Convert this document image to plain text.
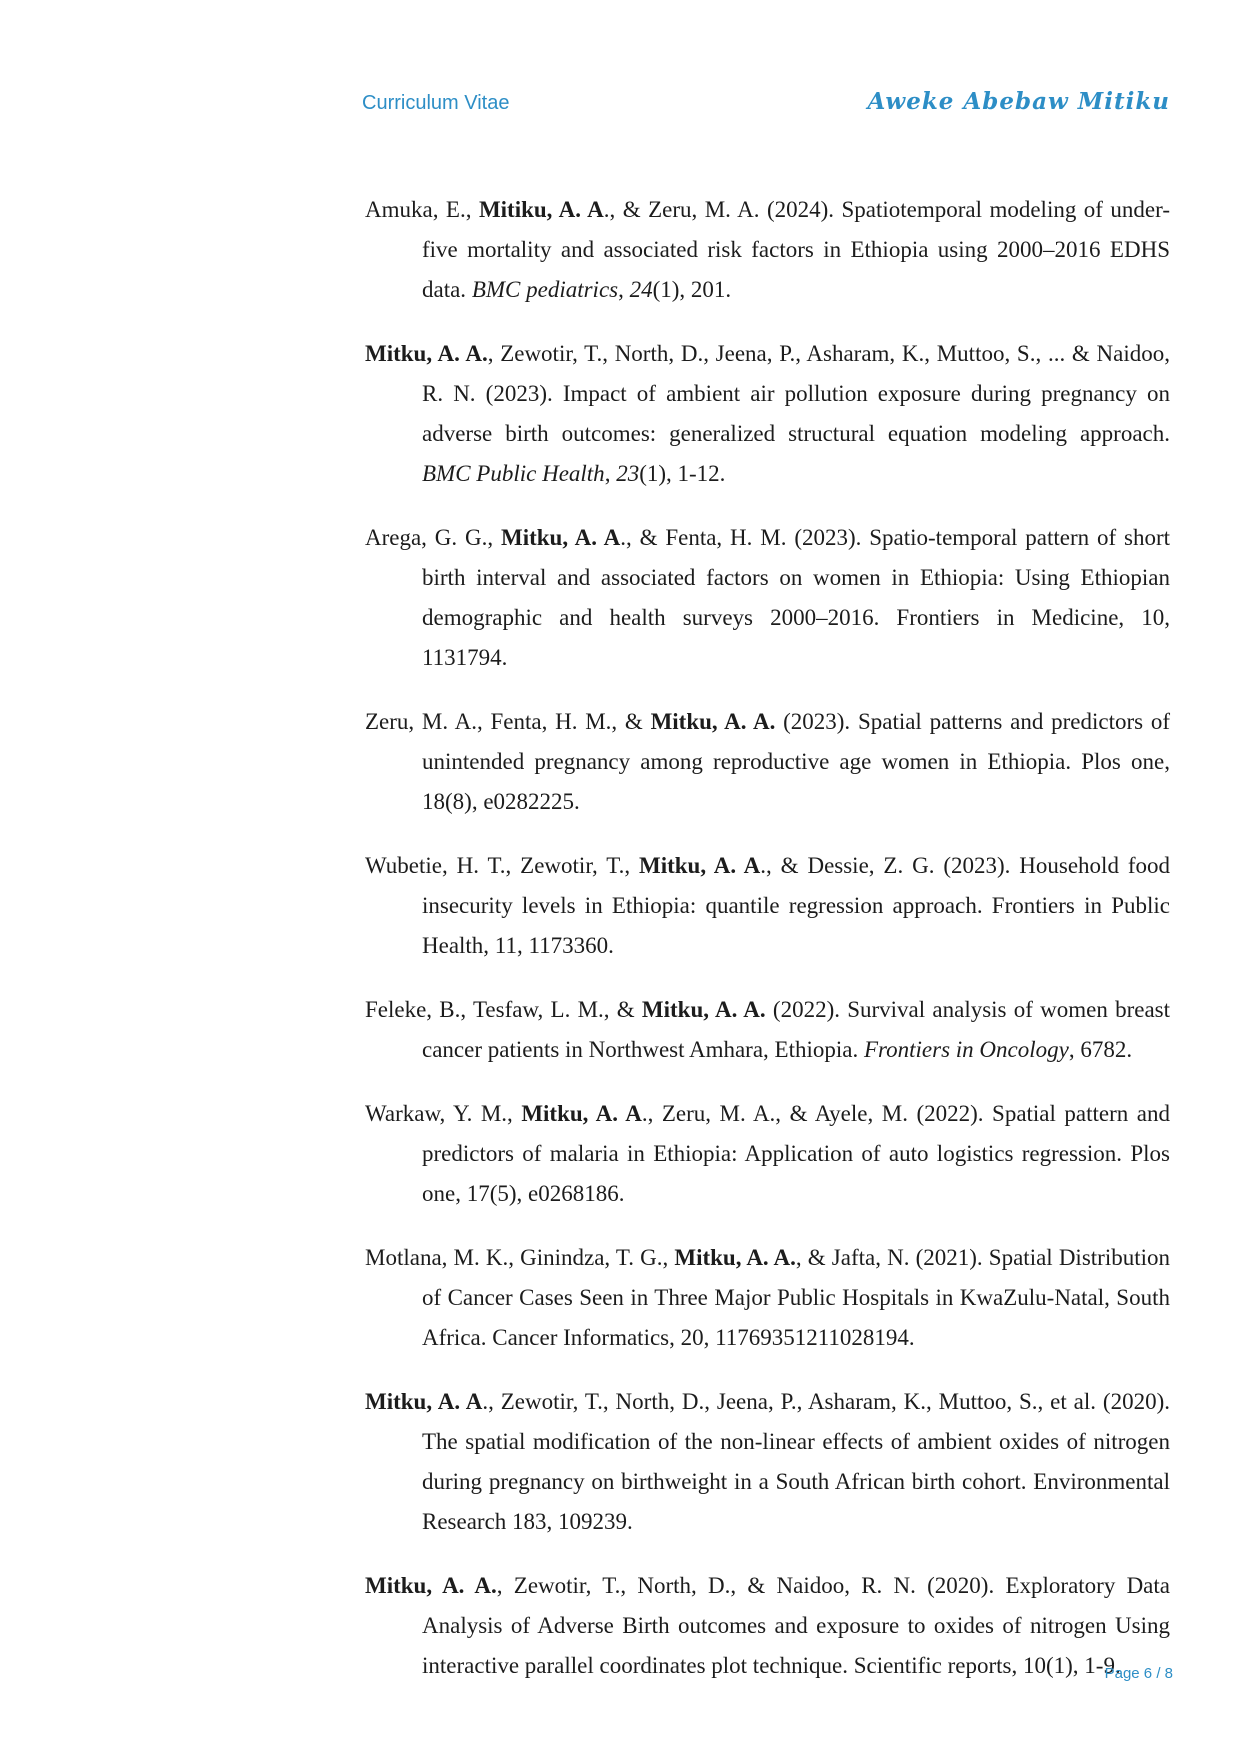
Curriculum Vitae	Aweke Abebaw Mitiku

Amuka, E., Mitiku, A. A., & Zeru, M. A. (2024). Spatiotemporal modeling of under-five mortality and associated risk factors in Ethiopia using 2000–2016 EDHS data. BMC pediatrics, 24(1), 201.

Mitku, A. A., Zewotir, T., North, D., Jeena, P., Asharam, K., Muttoo, S., ... & Naidoo, R. N. (2023). Impact of ambient air pollution exposure during pregnancy on adverse birth outcomes: generalized structural equation modeling approach. BMC Public Health, 23(1), 1-12.

Arega, G. G., Mitku, A. A., & Fenta, H. M. (2023). Spatio-temporal pattern of short birth interval and associated factors on women in Ethiopia: Using Ethiopian demographic and health surveys 2000–2016. Frontiers in Medicine, 10, 1131794.

Zeru, M. A., Fenta, H. M., & Mitku, A. A. (2023). Spatial patterns and predictors of unintended pregnancy among reproductive age women in Ethiopia. Plos one, 18(8), e0282225.

Wubetie, H. T., Zewotir, T., Mitku, A. A., & Dessie, Z. G. (2023). Household food insecurity levels in Ethiopia: quantile regression approach. Frontiers in Public Health, 11, 1173360.

Feleke, B., Tesfaw, L. M., & Mitku, A. A. (2022). Survival analysis of women breast cancer patients in Northwest Amhara, Ethiopia. Frontiers in Oncology, 6782.

Warkaw, Y. M., Mitku, A. A., Zeru, M. A., & Ayele, M. (2022). Spatial pattern and predictors of malaria in Ethiopia: Application of auto logistics regression. Plos one, 17(5), e0268186.

Motlana, M. K., Ginindza, T. G., Mitku, A. A., & Jafta, N. (2021). Spatial Distribution of Cancer Cases Seen in Three Major Public Hospitals in KwaZulu-Natal, South Africa. Cancer Informatics, 20, 11769351211028194.

Mitku, A. A., Zewotir, T., North, D., Jeena, P., Asharam, K., Muttoo, S., et al. (2020). The spatial modification of the non-linear effects of ambient oxides of nitrogen during pregnancy on birthweight in a South African birth cohort. Environmental Research 183, 109239.

Mitku, A. A., Zewotir, T., North, D., & Naidoo, R. N. (2020). Exploratory Data Analysis of Adverse Birth outcomes and exposure to oxides of nitrogen Using interactive parallel coordinates plot technique. Scientific reports, 10(1), 1-9.

Page 6 / 8
